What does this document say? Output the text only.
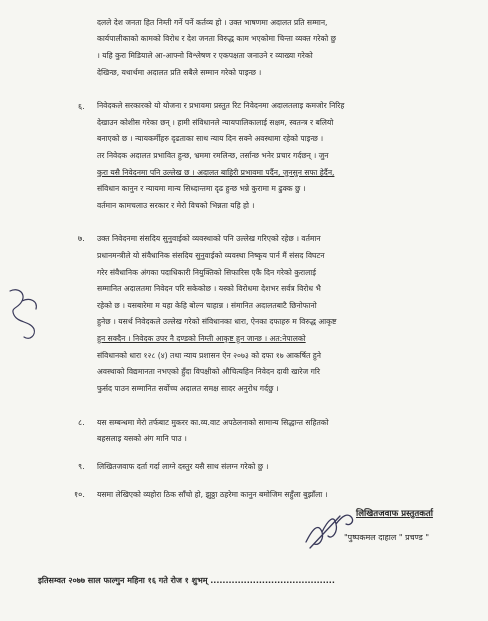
दलले देश जनता हित निम्ती गर्ने पर्ने कर्तव्य हो । उक्त भाषणमा अदालत प्रति सम्मान,
कार्यपालीकाको कामको विरोध र देश जनता विरुद्ध काम भएकोमा चिन्ता व्यक्त गरेको छु
। यहि कुरा मिडियाले आ-आफ्नो विश्लेषण र एकपक्षता जनाउने र व्याख्या गरेको
देखिन्छ, यथार्थमा अदालत प्रति सबैले सम्मान गरेको पाइन्छ ।
६. निवेदकले सरकारको यो योजना र प्रभावमा प्रस्तुत रिट निवेदनमा अदालतलाइ कमजोर निरिह
देखाउन कोशीस गरेका छन् । हामी संविधानले न्यायपालिकालाई सक्षम, स्वतन्त्र र बलियो
बनाएको छ । न्यायकर्मीहरु दृढताका साथ न्याय दिन सक्ने अवस्थामा रहेको पाइन्छ ।
तर निवेदक अदालत प्रभावित हुन्छ, भ्रममा रमलिन्छ, तर्सान्छ भनेर प्रचार गर्दछन् । जुन
कुरा यसै निवेदनमा पनि उल्लेख छ । अदालत बाहिरी प्रभावमा पर्दैन, जुनसुन सफा हेर्दैन,
संविधान कानुन र न्यायमा मान्य सिध्दान्तमा दृढ हुन्छ भन्ने कुरामा म ढुक्क छु ।
वर्तमान कामचलाउ सरकार र मेरो विचको भिन्नता यहि हो ।
७. उक्त निवेदनमा संसदिय सुनुवाईको व्यवस्थाको पनि उल्लेख गरिएको रहेछ । वर्तमान
प्रधानमन्त्रीले यो संवैधानिक संसदिय सुनुवाईको व्यवस्था निष्कृय पार्न मैं संसद विघटन
गरेर संवैधानिक अंगका पदाधिकारी नियुक्तिको सिफारिस एकै दिन गरेको कुरालाई
सम्मानित अदालतमा निवेदन परि सकेकोछ । यस्को विरोधमा देशभर सर्वत्र विरोध भै
रहेको छ । यसबारेमा म यहा केहि बोल्न चाहान्न । संमानित अदालतबाटै छिनोफानो
हुनेछ । यसर्थ निवेदकले उल्लेख गरेको संविधानका धारा, ऐनका दफाहरु म विरुद्ध आकृष्ट
हुन सक्दैन । निवेदक उपर नै दण्डको निम्ती आकृष्ट हुन जान्छ । अत:नेपालको
संविधानको धारा १२८ (४) तथा न्याय प्रशासन ऐन २०७३ को दफा १७ आकर्षित हुने
अवस्थाको विद्यमानता नभएको हुँदा विपक्षीको औचित्यहिन निवेदन दावी खारेज गरि
फुर्सद पाउन सम्मानित सर्वोच्च अदालत समक्ष सादर अनुरोध गर्दछु ।
८. यस सम्बन्धमा मेरो तर्फबाट मुकरर का.व्य.वाट अपठेलनाको सामान्य सिद्धान्त सहितको
बहसलाइ यसको अंग मानि पाउ ।
९. लिखितजवाफ दर्ता गर्दा लाग्ने दस्तुर यसै साथ संलग्न गरेको छु ।
१०. यसमा लेखिएको व्यहोरा ठिक साँचो हो, झुठ्ठा ठहरेमा कानुन बमोजिम सहुँला बुझाँला ।
लिखितजवाफ प्रस्तुतकर्ता
"पुष्पकमल दाहाल " प्रचण्ड "
इतिसम्वत २०७७ साल फाल्गुन महिना १६ गते रोज १ शुभम् .........................................
